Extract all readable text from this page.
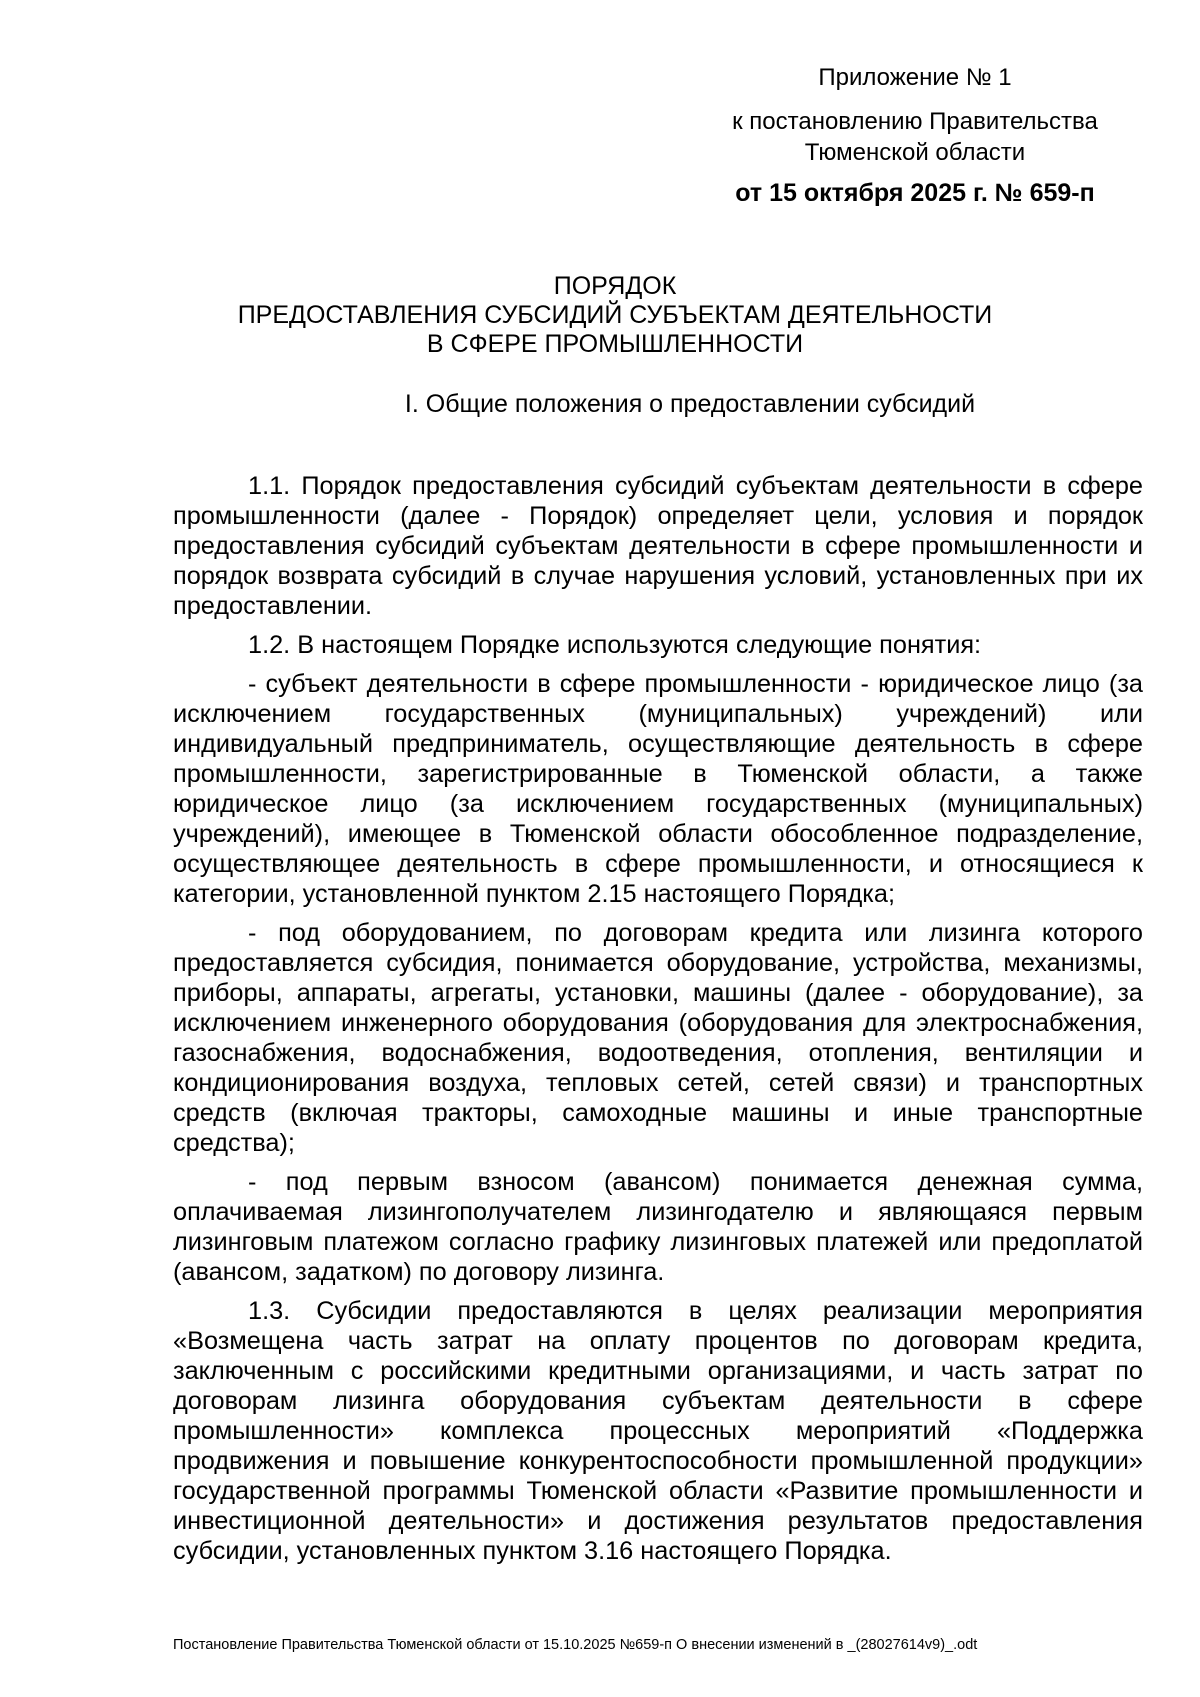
Приложение № 1
к постановлению Правительства Тюменской области
от 15 октября 2025 г. № 659-п
ПОРЯДОК
ПРЕДОСТАВЛЕНИЯ СУБСИДИЙ СУБЪЕКТАМ ДЕЯТЕЛЬНОСТИ
В СФЕРЕ ПРОМЫШЛЕННОСТИ
I. Общие положения о предоставлении субсидий

1.1. Порядок предоставления субсидий субъектам деятельности в сфере промышленности (далее - Порядок) определяет цели, условия и порядок предоставления субсидий субъектам деятельности в сфере промышленности и порядок возврата субсидий в случае нарушения условий, установленных при их предоставлении.

1.2. В настоящем Порядке используются следующие понятия:

- субъект деятельности в сфере промышленности - юридическое лицо (за исключением государственных (муниципальных) учреждений) или индивидуальный предприниматель, осуществляющие деятельность в сфере промышленности, зарегистрированные в Тюменской области, а также юридическое лицо (за исключением государственных (муниципальных) учреждений), имеющее в Тюменской области обособленное подразделение, осуществляющее деятельность в сфере промышленности, и относящиеся к категории, установленной пунктом 2.15 настоящего Порядка;

- под оборудованием, по договорам кредита или лизинга которого предоставляется субсидия, понимается оборудование, устройства, механизмы, приборы, аппараты, агрегаты, установки, машины (далее - оборудование), за исключением инженерного оборудования (оборудования для электроснабжения, газоснабжения, водоснабжения, водоотведения, отопления, вентиляции и кондиционирования воздуха, тепловых сетей, сетей связи) и транспортных средств (включая тракторы, самоходные машины и иные транспортные средства);

- под первым взносом (авансом) понимается денежная сумма, оплачиваемая лизингополучателем лизингодателю и являющаяся первым лизинговым платежом согласно графику лизинговых платежей или предоплатой (авансом, задатком) по договору лизинга.

1.3. Субсидии предоставляются в целях реализации мероприятия «Возмещена часть затрат на оплату процентов по договорам кредита, заключенным с российскими кредитными организациями, и часть затрат по договорам лизинга оборудования субъектам деятельности в сфере промышленности» комплекса процессных мероприятий «Поддержка продвижения и повышение конкурентоспособности промышленной продукции» государственной программы Тюменской области «Развитие промышленности и инвестиционной деятельности» и достижения результатов предоставления субсидии, установленных пунктом 3.16 настоящего Порядка.

Постановление Правительства Тюменской области от 15.10.2025 №659-п О внесении изменений в _(28027614v9)_.odt
